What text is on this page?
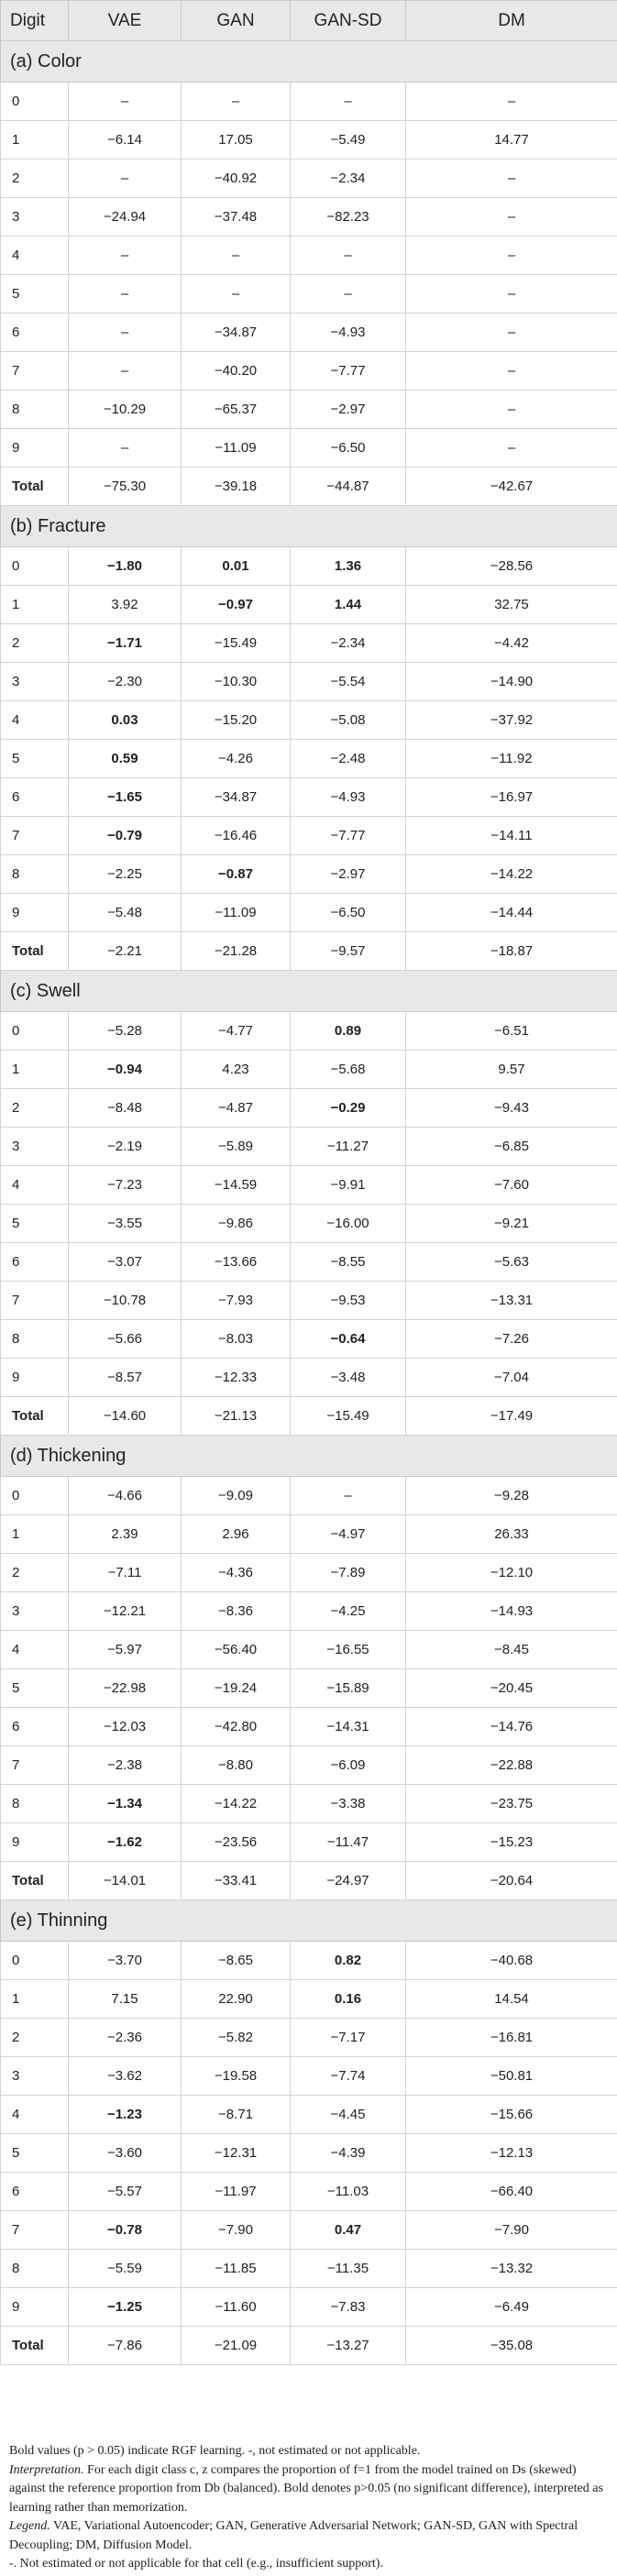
Digit	VAE	GAN	GAN-SD	DM
(a) Color				
0	–	–	–	–
1	−6.14	17.05	−5.49	14.77
2	–	−40.92	−2.34	–
3	−24.94	−37.48	−82.23	–
4	–	–	–	–
5	–	–	–	–
6	–	−34.87	−4.93	–
7	–	−40.20	−7.77	–
8	−10.29	−65.37	−2.97	–
9	–	−11.09	−6.50	–
Total	−75.30	−39.18	−44.87	−42.67
(b) Fracture				
0	−1.80	0.01	1.36	−28.56
1	3.92	−0.97	1.44	32.75
2	−1.71	−15.49	−2.34	−4.42
3	−2.30	−10.30	−5.54	−14.90
4	0.03	−15.20	−5.08	−37.92
5	0.59	−4.26	−2.48	−11.92
6	−1.65	−34.87	−4.93	−16.97
7	−0.79	−16.46	−7.77	−14.11
8	−2.25	−0.87	−2.97	−14.22
9	−5.48	−11.09	−6.50	−14.44
Total	−2.21	−21.28	−9.57	−18.87
(c) Swell				
0	−5.28	−4.77	0.89	−6.51
1	−0.94	4.23	−5.68	9.57
2	−8.48	−4.87	−0.29	−9.43
3	−2.19	−5.89	−11.27	−6.85
4	−7.23	−14.59	−9.91	−7.60
5	−3.55	−9.86	−16.00	−9.21
6	−3.07	−13.66	−8.55	−5.63
7	−10.78	−7.93	−9.53	−13.31
8	−5.66	−8.03	−0.64	−7.26
9	−8.57	−12.33	−3.48	−7.04
Total	−14.60	−21.13	−15.49	−17.49
(d) Thickening				
0	−4.66	−9.09	–	−9.28
1	2.39	2.96	−4.97	26.33
2	−7.11	−4.36	−7.89	−12.10
3	−12.21	−8.36	−4.25	−14.93
4	−5.97	−56.40	−16.55	−8.45
5	−22.98	−19.24	−15.89	−20.45
6	−12.03	−42.80	−14.31	−14.76
7	−2.38	−8.80	−6.09	−22.88
8	−1.34	−14.22	−3.38	−23.75
9	−1.62	−23.56	−11.47	−15.23
Total	−14.01	−33.41	−24.97	−20.64
(e) Thinning				
0	−3.70	−8.65	0.82	−40.68
1	7.15	22.90	0.16	14.54
2	−2.36	−5.82	−7.17	−16.81
3	−3.62	−19.58	−7.74	−50.81
4	−1.23	−8.71	−4.45	−15.66
5	−3.60	−12.31	−4.39	−12.13
6	−5.57	−11.97	−11.03	−66.40
7	−0.78	−7.90	0.47	−7.90
8	−5.59	−11.85	−11.35	−13.32
9	−1.25	−11.60	−7.83	−6.49
Total	−7.86	−21.09	−13.27	−35.08

Bold values (p > 0.05) indicate RGF learning. -, not estimated or not applicable.

Interpretation. For each digit class c, z compares the proportion of f=1 from the model trained on Ds (skewed) against the reference proportion from Db (balanced). Bold denotes p>0.05 (no significant difference), interpreted as learning rather than memorization.

Legend. VAE, Variational Autoencoder; GAN, Generative Adversarial Network; GAN-SD, GAN with Spectral Decoupling; DM, Diffusion Model.

-. Not estimated or not applicable for that cell (e.g., insufficient support).
